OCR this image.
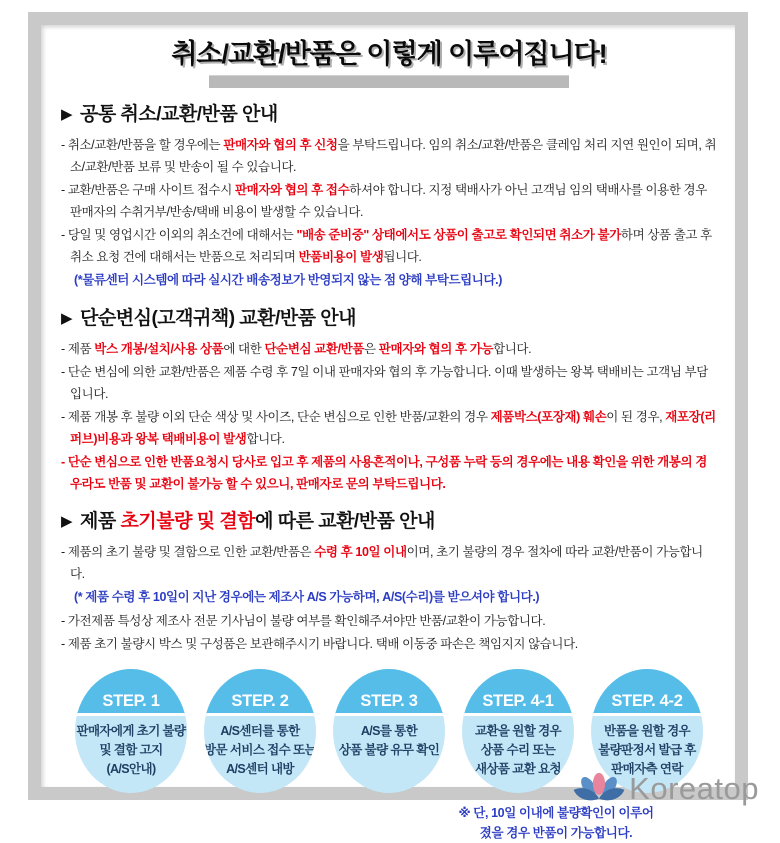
취소/교환/반품은 이렇게 이루어집니다!
▶ 공통 취소/교환/반품 안내

- 취소/교환/반품을 할 경우에는 판매자와 협의 후 신청을 부탁드립니다. 임의 취소/교환/반품은 클레임 처리 지연 원인이 되며, 취소/교환/반품 보류 및 반송이 될 수 있습니다.

- 교환/반품은 구매 사이트 접수시 판매자와 협의 후 접수하셔야 합니다. 지정 택배사가 아닌 고객님 임의 택배사를 이용한 경우 판매자의 수취거부/반송/택배 비용이 발생할 수 있습니다.

- 당일 및 영업시간 이외의 취소건에 대해서는 "배송 준비중" 상태에서도 상품이 출고로 확인되면 취소가 불가하며 상품 출고 후 취소 요청 건에 대해서는 반품으로 처리되며 반품비용이 발생됩니다.

(*물류센터 시스템에 따라 실시간 배송정보가 반영되지 않는 점 양해 부탁드립니다.)

▶ 단순변심(고객귀책) 교환/반품 안내

- 제품 박스 개봉/설치/사용 상품에 대한 단순변심 교환/반품은 판매자와 협의 후 가능합니다.

- 단순 변심에 의한 교환/반품은 제품 수령 후 7일 이내 판매자와 협의 후 가능합니다. 이때 발생하는 왕복 택배비는 고객님 부담입니다.

- 제품 개봉 후 불량 이외 단순 색상 및 사이즈, 단순 변심으로 인한 반품/교환의 경우 제품박스(포장재) 훼손이 된 경우, 재포장(리퍼브)비용과 왕복 택배비용이 발생합니다.

- 단순 변심으로 인한 반품요청시 당사로 입고 후 제품의 사용흔적이나, 구성품 누락 등의 경우에는 내용 확인을 위한 개봉의 경우라도 반품 및 교환이 불가능 할 수 있으니, 판매자로 문의 부탁드립니다.

▶ 제품 초기불량 및 결함에 따른 교환/반품 안내

- 제품의 초기 불량 및 결함으로 인한 교환/반품은 수령 후 10일 이내이며, 초기 불량의 경우 절차에 따라 교환/반품이 가능합니다.

(* 제품 수령 후 10일이 지난 경우에는 제조사 A/S 가능하며, A/S(수리)를 받으셔야 합니다.)

- 가전제품 특성상 제조사 전문 기사님이 불량 여부를 확인해주셔야만 반품/교환이 가능합니다.

- 제품 초기 불량시 박스 및 구성품은 보관해주시기 바랍니다. 택배 이동중 파손은 책임지지 않습니다.

STEP. 1
판매자에게 초기 불량
및 결함 고지
(A/S안내)
STEP. 2
A/S센터를 통한
방문 서비스 접수 또는
A/S센터 내방
STEP. 3
A/S를 통한
상품 불량 유무 확인
STEP. 4-1
교환을 원할 경우
상품 수리 또는
새상품 교환 요청
STEP. 4-2
반품을 원할 경우
불량판정서 발급 후
판매자측 연락
※ 단, 10일 이내에 불량확인이 이루어
졌을 경우 반품이 가능합니다.
Koreatop
